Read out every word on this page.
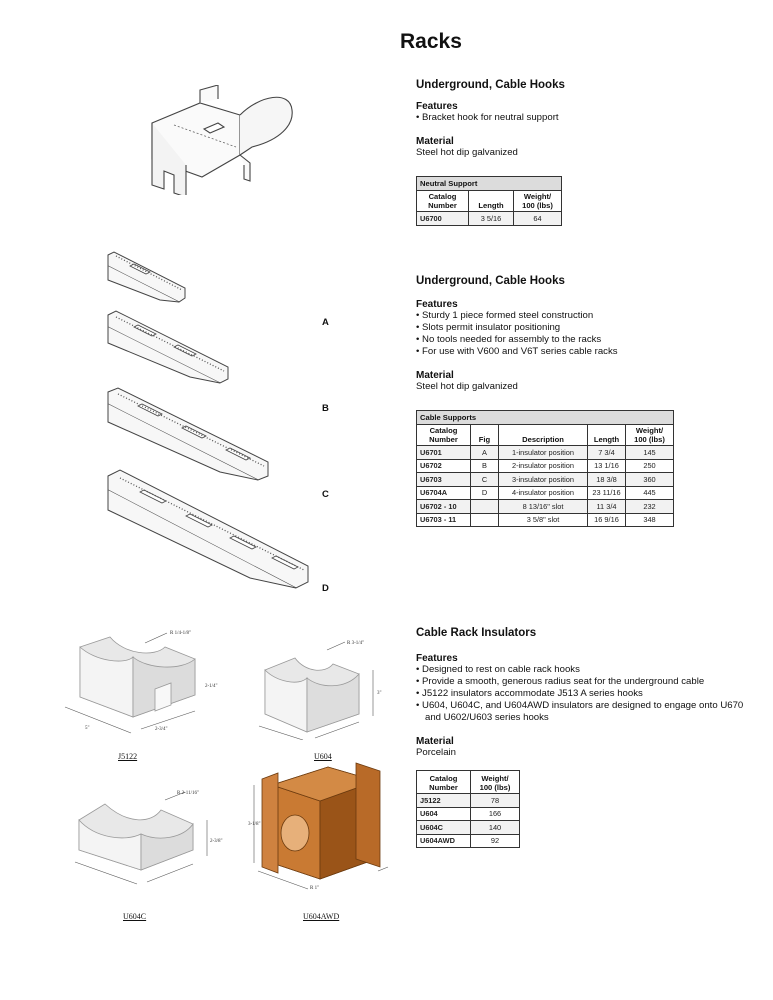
Racks
A
B
C
D
R 1/4-1/8"
5"	2-3/4"
2-1/4"
R 3-1/4"
3"
R 2-11/16"
2-3/8"
3-1/8"
R 1"
J5122	U604
U604C	U604AWD
Underground, Cable Hooks
Features
• Bracket hook for neutral support
Material
Steel hot dip galvanized
Neutral Support		
Catalog Number	Length	Weight/ 100 (lbs)
U6700	3 5/16	64
Underground, Cable Hooks
Features
• Sturdy 1 piece formed steel construction
• Slots permit insulator positioning
• No tools needed for assembly to the racks
• For use with V600 and V6T series cable racks
Material
Steel hot dip galvanized
Cable Supports				
Catalog Number	Fig	Description	Length	Weight/ 100 (lbs)
U6701	A	1-insulator position	7 3/4	145
U6702	B	2-insulator position	13 1/16	250
U6703	C	3-insulator position	18 3/8	360
U6704A	D	4-insulator position	23 11/16	445
U6702 - 10		8 13/16" slot	11 3/4	232
U6703 - 11		3 5/8" slot	16 9/16	348
Cable Rack Insulators
Features
• Designed to rest on cable rack hooks
• Provide a smooth, generous radius seat for the underground cable
• J5122 insulators accommodate J513 A series hooks
• U604, U604C, and U604AWD insulators are designed to engage onto U670 and U602/U603 series hooks
Material
Porcelain
Catalog Number	Weight/ 100 (lbs)
J5122	78
U604	166
U604C	140
U604AWD	92
